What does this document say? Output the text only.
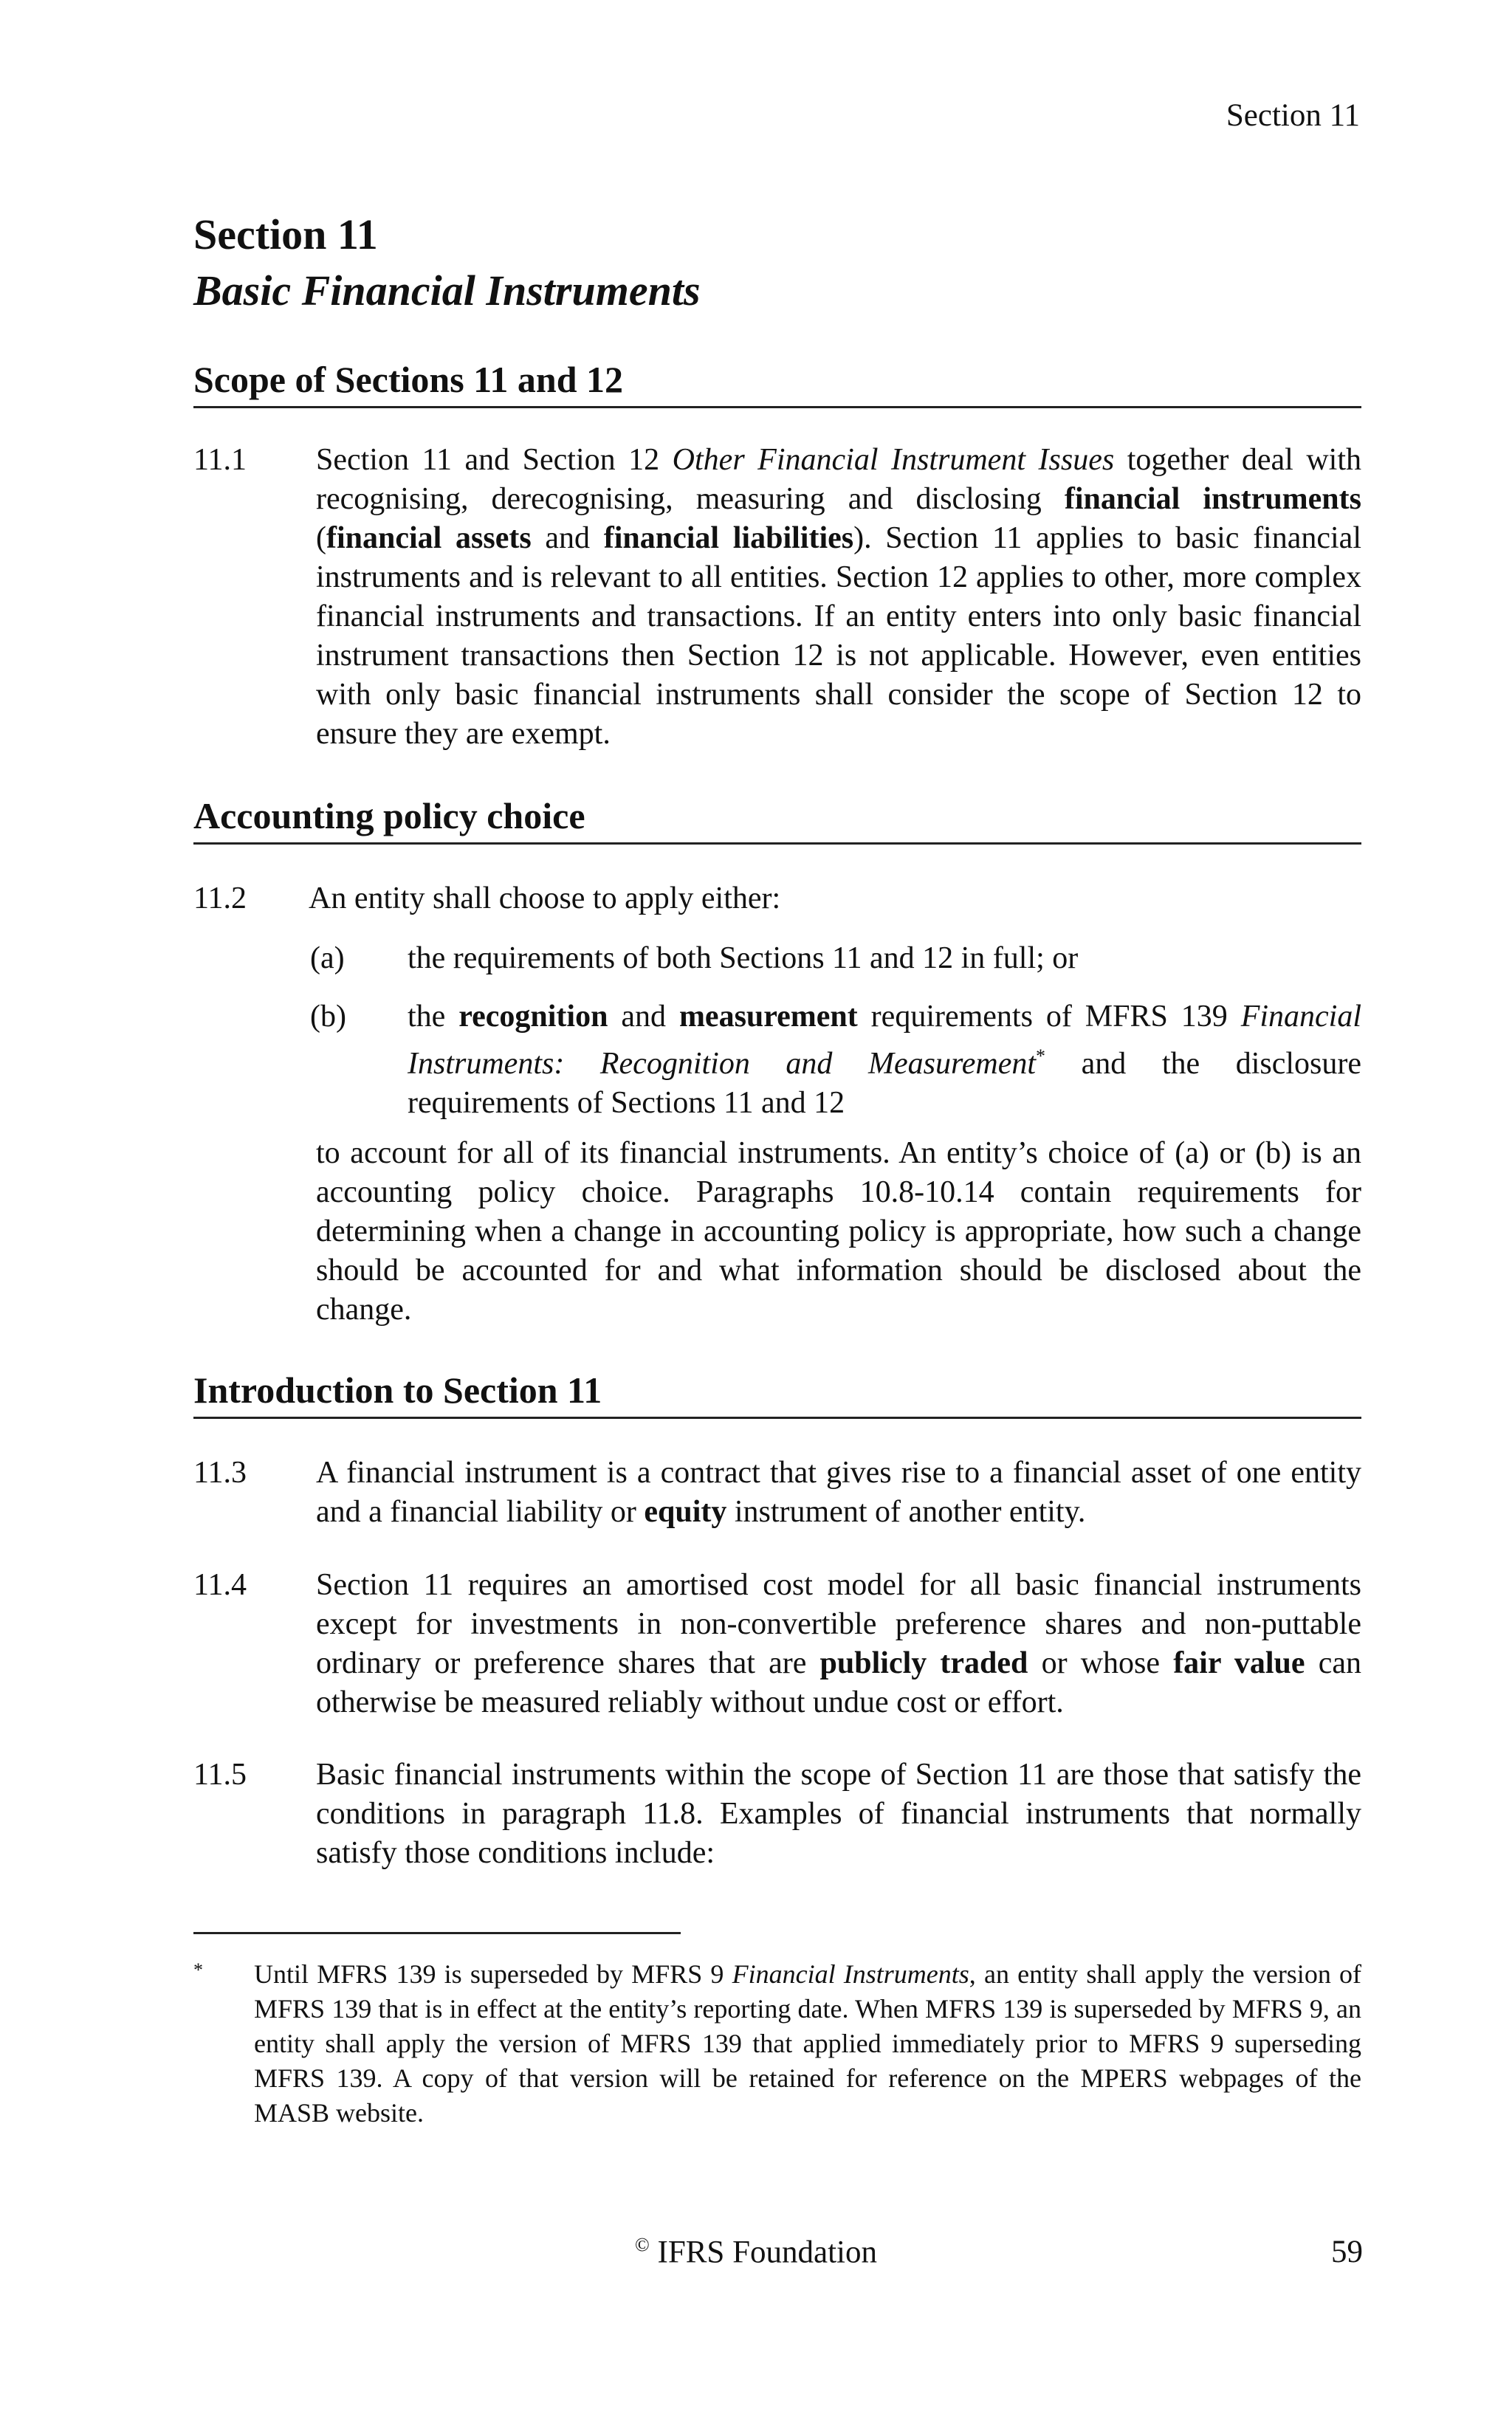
Section 11
Section 11
Basic Financial Instruments
Scope of Sections 11 and 12
11.1 Section 11 and Section 12 Other Financial Instrument Issues together deal with recognising, derecognising, measuring and disclosing financial instruments (financial assets and financial liabilities). Section 11 applies to basic financial instruments and is relevant to all entities. Section 12 applies to other, more complex financial instruments and transactions. If an entity enters into only basic financial instrument transactions then Section 12 is not applicable. However, even entities with only basic financial instruments shall consider the scope of Section 12 to ensure they are exempt.
Accounting policy choice
11.2 An entity shall choose to apply either:
(a) the requirements of both Sections 11 and 12 in full; or
(b) the recognition and measurement requirements of MFRS 139 Financial Instruments: Recognition and Measurement* and the disclosure requirements of Sections 11 and 12
to account for all of its financial instruments. An entity’s choice of (a) or (b) is an accounting policy choice. Paragraphs 10.8-10.14 contain requirements for determining when a change in accounting policy is appropriate, how such a change should be accounted for and what information should be disclosed about the change.
Introduction to Section 11
11.3 A financial instrument is a contract that gives rise to a financial asset of one entity and a financial liability or equity instrument of another entity.
11.4 Section 11 requires an amortised cost model for all basic financial instruments except for investments in non-convertible preference shares and non-puttable ordinary or preference shares that are publicly traded or whose fair value can otherwise be measured reliably without undue cost or effort.
11.5 Basic financial instruments within the scope of Section 11 are those that satisfy the conditions in paragraph 11.8. Examples of financial instruments that normally satisfy those conditions include:
* Until MFRS 139 is superseded by MFRS 9 Financial Instruments, an entity shall apply the version of MFRS 139 that is in effect at the entity’s reporting date. When MFRS 139 is superseded by MFRS 9, an entity shall apply the version of MFRS 139 that applied immediately prior to MFRS 9 superseding MFRS 139. A copy of that version will be retained for reference on the MPERS webpages of the MASB website.
© IFRS Foundation	59
